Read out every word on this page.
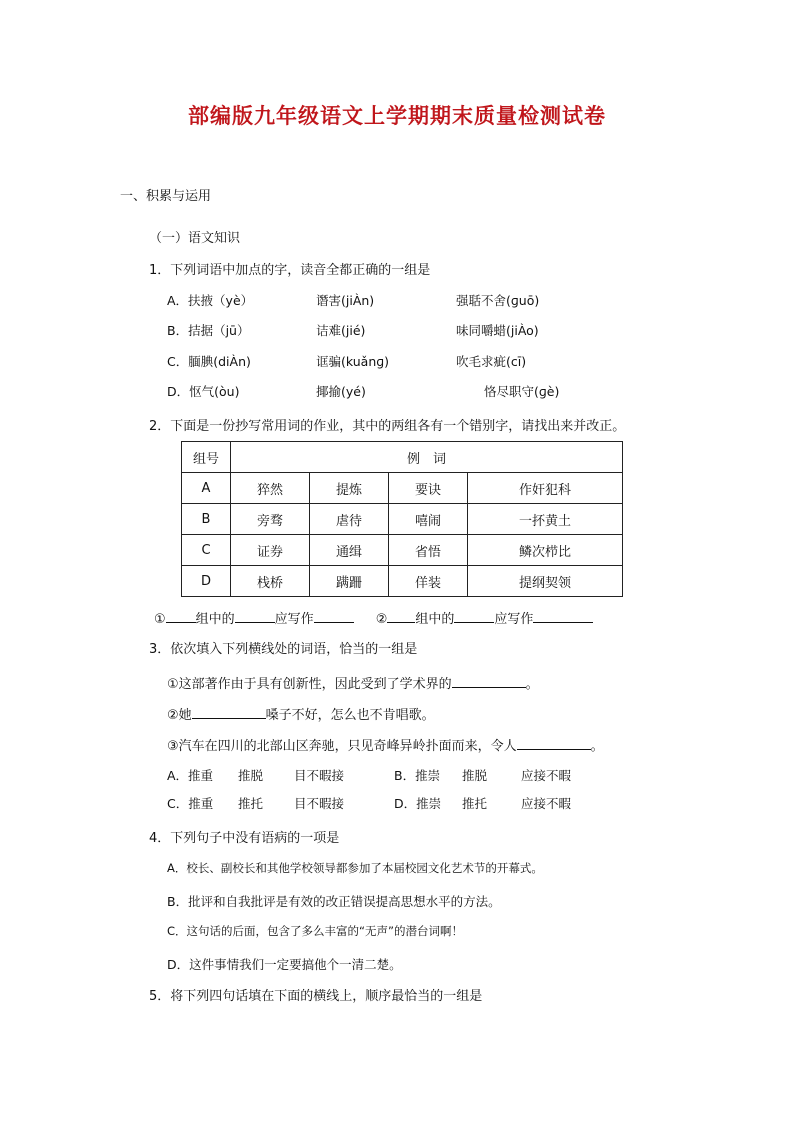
部编版九年级语文上学期期末质量检测试卷
一、积累与运用
（一）语文知识
1．下列词语中加点的字，读音全都正确的一组是
A．扶掖（yè）	谮害(jiÀn)	强聒不舍(ɡuō)
B．拮据（jū）	诘难(jié)	味同嚼蜡(jiÀo)
C．腼腆(diÀn)	诓骗(kuǎnɡ)	吹毛求疵(cī)
D．怄气(òu)	揶揄(yé)	恪尽职守(ɡè)
2．下面是一份抄写常用词的作业，其中的两组各有一个错别字，请找出来并改正。
组号	例　词			
A	猝然	提炼	要诀	作奸犯科
B	旁骛	虐待	嘻闹	一抔黄土
C	证券	通缉	省悟	鳞次栉比
D	栈桥	蹒跚	佯装	提纲契领
① 组中的	应写作	② 组中的	应写作
3．依次填入下列横线处的词语，恰当的一组是
①这部著作由于具有创新性，因此受到了学术界的	。
②她	嗓子不好，怎么也不肯唱歌。
③汽车在四川的北部山区奔驰，只见奇峰异岭扑面而来，令人	。
A．推重 推脱 目不暇接	B．推崇 推脱	应接不暇
C．推重 推托 目不暇接	D．推崇 推托	应接不暇
4．下列句子中没有语病的一项是
A．校长、副校长和其他学校领导都参加了本届校园文化艺术节的开幕式。
B．批评和自我批评是有效的改正错误提高思想水平的方法。
C．这句话的后面，包含了多么丰富的“无声”的潜台词啊！
D．这件事情我们一定要搞他个一清二楚。
5．将下列四句话填在下面的横线上，顺序最恰当的一组是
